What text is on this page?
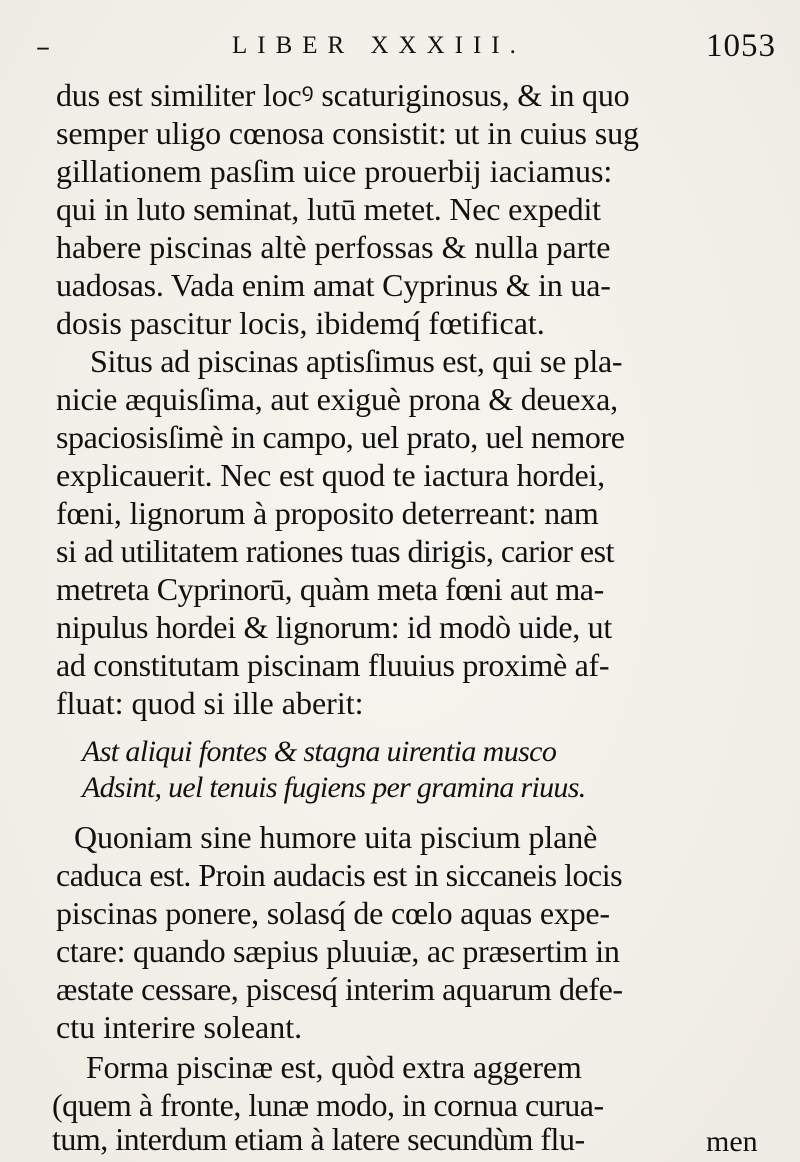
–	LIBER XXXIII.	1053
dus est similiter locꝰ scaturiginosus, & in quo
semper uligo cœnosa consistit: ut in cuius sug
gillationem pasſim uice prouerbij iaciamus:
qui in luto seminat, lutū metet. Nec expedit
habere piscinas altè perfossas & nulla parte
uadosas. Vada enim amat Cyprinus & in ua-
dosis pascitur locis, ibidemq́ fœtificat.
Situs ad piscinas aptisſimus est, qui se pla-
nicie æquisſima, aut exiguè prona & deuexa,
spaciosisſimè in campo, uel prato, uel nemore
explicauerit. Nec est quod te iactura hordei,
fœni, lignorum à proposito deterreant: nam
si ad utilitatem rationes tuas dirigis, carior est
metreta Cyprinorū, quàm meta fœni aut ma-
nipulus hordei & lignorum: id modò uide, ut
ad constitutam piscinam fluuius proximè af-
fluat: quod si ille aberit:
Ast aliqui fontes & stagna uirentia musco
Adsint, uel tenuis fugiens per gramina riuus.
Quoniam sine humore uita piscium planè
caduca est. Proin audacis est in siccaneis locis
piscinas ponere, solasq́ de cœlo aquas expe-
ctare: quando sæpius pluuiæ, ac præsertim in
æstate cessare, piscesq́ interim aquarum defe-
ctu interire soleant.
Forma piscinæ est, quòd extra aggerem
(quem à fronte, lunæ modo, in cornua curua-
tum, interdum etiam à latere secundùm flu-	men
